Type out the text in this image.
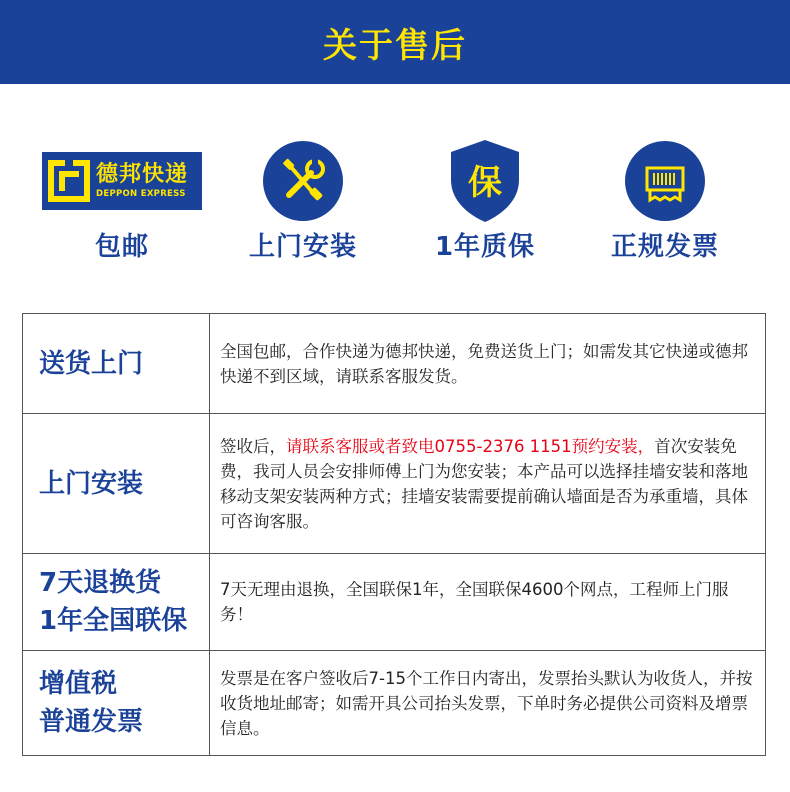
关于售后
德邦快递
DEPPON EXPRESS
包邮	上门安装
保
1年质保	正规发票
送货上门	全国包邮，合作快递为德邦快递，免费送货上门；如需发其它快递或德邦快递不到区域，请联系客服发货。

上门安装	签收后，请联系客服或者致电0755-2376 1151预约安装，首次安装免费，我司人员会安排师傅上门为您安装；本产品可以选择挂墙安装和落地移动支架安装两种方式；挂墙安装需要提前确认墙面是否为承重墙，具体可咨询客服。

7天退换货
1年全国联保	7天无理由退换，全国联保1年，全国联保4600个网点，工程师上门服务！

增值税
普通发票	发票是在客户签收后7-15个工作日内寄出，发票抬头默认为收货人，并按收货地址邮寄；如需开具公司抬头发票，下单时务必提供公司资料及增票信息。
